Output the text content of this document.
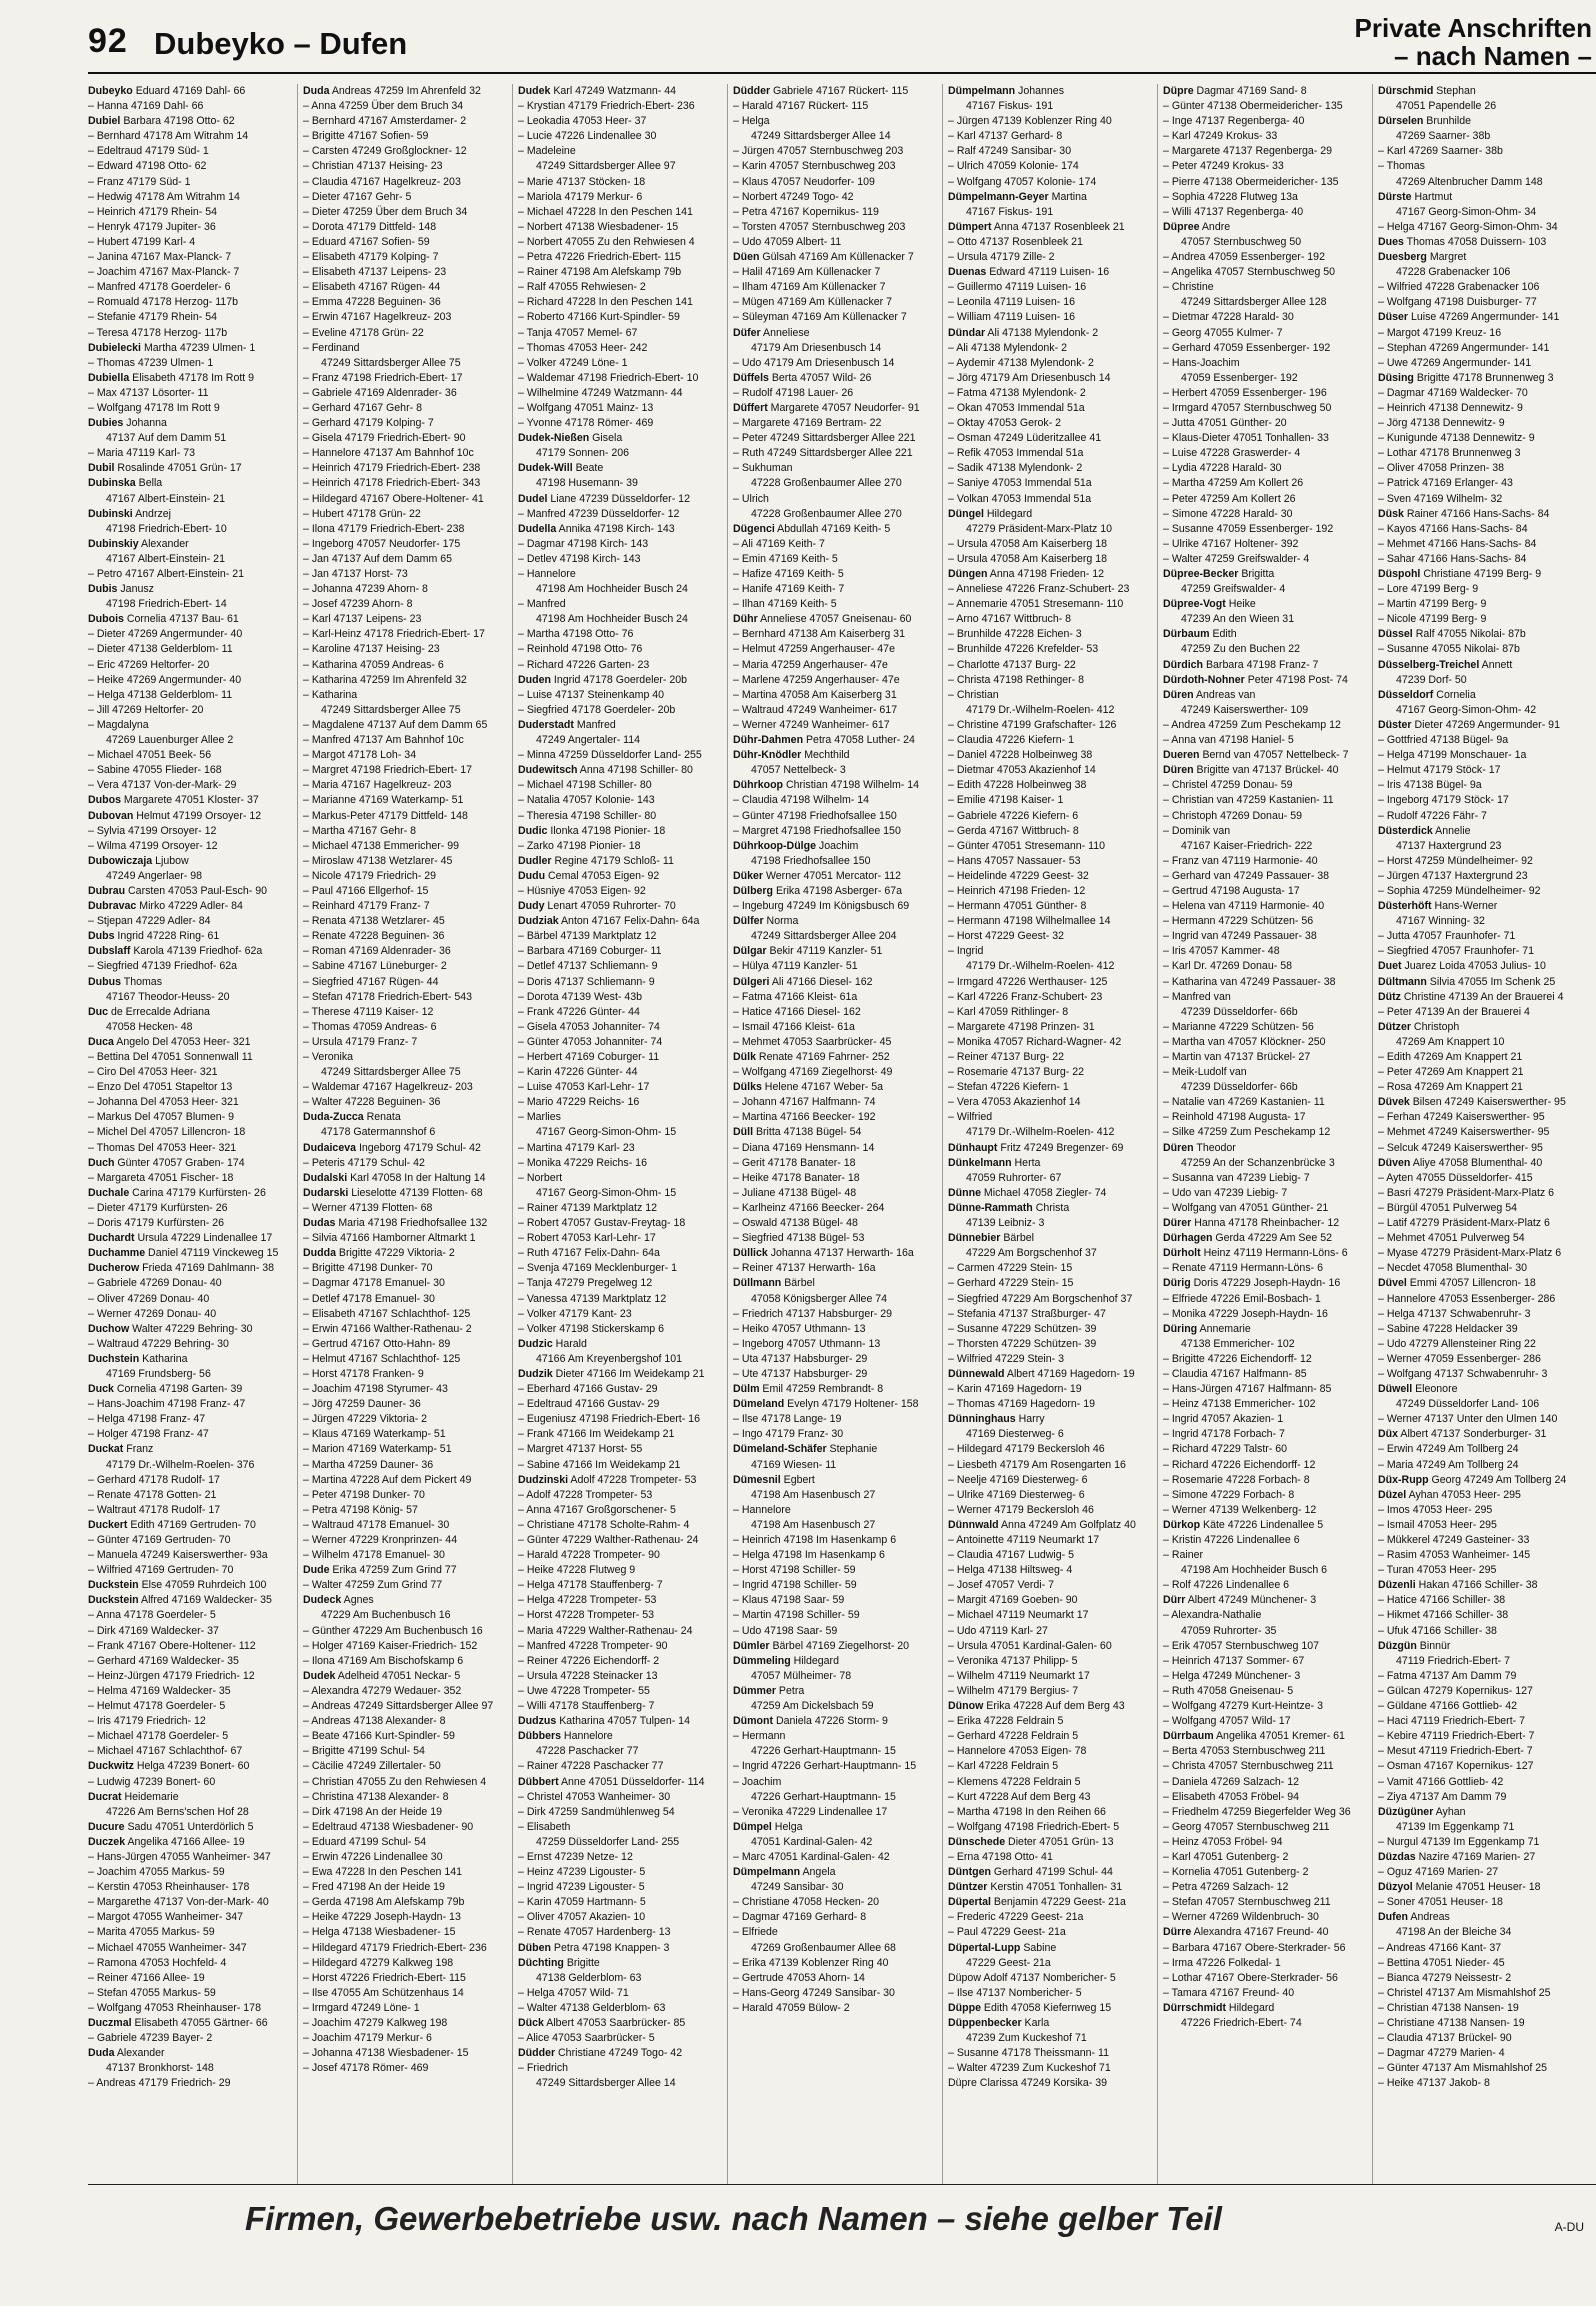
92 Dubeyko – Dufen	Private Anschriften
– nach Namen –
Dubeyko Eduard 47169 Dahl- 66
– Hanna 47169 Dahl- 66
Dubiel Barbara 47198 Otto- 62
– Bernhard 47178 Am Witrahm 14
– Edeltraud 47179 Süd- 1
– Edward 47198 Otto- 62
– Franz 47179 Süd- 1
– Hedwig 47178 Am Witrahm 14
– Heinrich 47179 Rhein- 54
– Henryk 47179 Jupiter- 36
– Hubert 47199 Karl- 4
– Janina 47167 Max-Planck- 7
– Joachim 47167 Max-Planck- 7
– Manfred 47178 Goerdeler- 6
– Romuald 47178 Herzog- 117b
– Stefanie 47179 Rhein- 54
– Teresa 47178 Herzog- 117b
Dubielecki Martha 47239 Ulmen- 1
– Thomas 47239 Ulmen- 1
Dubiella Elisabeth 47178 Im Rott 9
– Max 47137 Lösorter- 11
– Wolfgang 47178 Im Rott 9
Dubies Johanna
47137 Auf dem Damm 51
– Maria 47119 Karl- 73
Dubil Rosalinde 47051 Grün- 17
Dubinska Bella
47167 Albert-Einstein- 21
Dubinski Andrzej
47198 Friedrich-Ebert- 10
Dubinskiy Alexander
47167 Albert-Einstein- 21
– Petro 47167 Albert-Einstein- 21
Dubis Janusz
47198 Friedrich-Ebert- 14
Dubois Cornelia 47137 Bau- 61
– Dieter 47269 Angermunder- 40
– Dieter 47138 Gelderblom- 11
– Eric 47269 Heltorfer- 20
– Heike 47269 Angermunder- 40
– Helga 47138 Gelderblom- 11
– Jill 47269 Heltorfer- 20
– Magdalyna
47269 Lauenburger Allee 2
– Michael 47051 Beek- 56
– Sabine 47055 Flieder- 168
– Vera 47137 Von-der-Mark- 29
Dubos Margarete 47051 Kloster- 37
Dubovan Helmut 47199 Orsoyer- 12
– Sylvia 47199 Orsoyer- 12
– Wilma 47199 Orsoyer- 12
Dubowiczaja Ljubow
47249 Angerlaer- 98
Dubrau Carsten 47053 Paul-Esch- 90
Dubravac Mirko 47229 Adler- 84
– Stjepan 47229 Adler- 84
Dubs Ingrid 47228 Ring- 61
Dubslaff Karola 47139 Friedhof- 62a
– Siegfried 47139 Friedhof- 62a
Dubus Thomas
47167 Theodor-Heuss- 20
Duc de Errecalde Adriana
47058 Hecken- 48
Duca Angelo Del 47053 Heer- 321
– Bettina Del 47051 Sonnenwall 11
– Ciro Del 47053 Heer- 321
– Enzo Del 47051 Stapeltor 13
– Johanna Del 47053 Heer- 321
– Markus Del 47057 Blumen- 9
– Michel Del 47057 Lillencron- 18
– Thomas Del 47053 Heer- 321
Duch Günter 47057 Graben- 174
– Margareta 47051 Fischer- 18
Duchale Carina 47179 Kurfürsten- 26
– Dieter 47179 Kurfürsten- 26
– Doris 47179 Kurfürsten- 26
Duchardt Ursula 47229 Lindenallee 17
Duchamme Daniel 47119 Vinckeweg 15
Ducherow Frieda 47169 Dahlmann- 38
– Gabriele 47269 Donau- 40
– Oliver 47269 Donau- 40
– Werner 47269 Donau- 40
Duchow Walter 47229 Behring- 30
– Waltraud 47229 Behring- 30
Duchstein Katharina
47169 Frundsberg- 56
Duck Cornelia 47198 Garten- 39
– Hans-Joachim 47198 Franz- 47
– Helga 47198 Franz- 47
– Holger 47198 Franz- 47
Duckat Franz
47179 Dr.-Wilhelm-Roelen- 376
– Gerhard 47178 Rudolf- 17
– Renate 47178 Gotten- 21
– Waltraut 47178 Rudolf- 17
Duckert Edith 47169 Gertruden- 70
– Günter 47169 Gertruden- 70
– Manuela 47249 Kaiserswerther- 93a
– Wilfried 47169 Gertruden- 70
Duckstein Else 47059 Ruhrdeich 100
Duckstein Alfred 47169 Waldecker- 35
– Anna 47178 Goerdeler- 5
– Dirk 47169 Waldecker- 37
– Frank 47167 Obere-Holtener- 112
– Gerhard 47169 Waldecker- 35
– Heinz-Jürgen 47179 Friedrich- 12
– Helma 47169 Waldecker- 35
– Helmut 47178 Goerdeler- 5
– Iris 47179 Friedrich- 12
– Michael 47178 Goerdeler- 5
– Michael 47167 Schlachthof- 67
Duckwitz Helga 47239 Bonert- 60
– Ludwig 47239 Bonert- 60
Ducrat Heidemarie
47226 Am Berns'schen Hof 28
Ducure Sadu 47051 Unterdörlich 5
Duczek Angelika 47166 Allee- 19
– Hans-Jürgen 47055 Wanheimer- 347
– Joachim 47055 Markus- 59
– Kerstin 47053 Rheinhauser- 178
– Margarethe 47137 Von-der-Mark- 40
– Margot 47055 Wanheimer- 347
– Marita 47055 Markus- 59
– Michael 47055 Wanheimer- 347
– Ramona 47053 Hochfeld- 4
– Reiner 47166 Allee- 19
– Stefan 47055 Markus- 59
– Wolfgang 47053 Rheinhauser- 178
Duczmal Elisabeth 47055 Gärtner- 66
– Gabriele 47239 Bayer- 2
Duda Alexander
47137 Bronkhorst- 148
– Andreas 47179 Friedrich- 29
Duda Andreas 47259 Im Ahrenfeld 32
– Anna 47259 Über dem Bruch 34
– Bernhard 47167 Amsterdamer- 2
– Brigitte 47167 Sofien- 59
– Carsten 47249 Großglockner- 12
– Christian 47137 Heising- 23
– Claudia 47167 Hagelkreuz- 203
– Dieter 47167 Gehr- 5
– Dieter 47259 Über dem Bruch 34
– Dorota 47179 Dittfeld- 148
– Eduard 47167 Sofien- 59
– Elisabeth 47179 Kolping- 7
– Elisabeth 47137 Leipens- 23
– Elisabeth 47167 Rügen- 44
– Emma 47228 Beguinen- 36
– Erwin 47167 Hagelkreuz- 203
– Eveline 47178 Grün- 22
– Ferdinand
47249 Sittardsberger Allee 75
– Franz 47198 Friedrich-Ebert- 17
– Gabriele 47169 Aldenrader- 36
– Gerhard 47167 Gehr- 8
– Gerhard 47179 Kolping- 7
– Gisela 47179 Friedrich-Ebert- 90
– Hannelore 47137 Am Bahnhof 10c
– Heinrich 47179 Friedrich-Ebert- 238
– Heinrich 47178 Friedrich-Ebert- 343
– Hildegard 47167 Obere-Holtener- 41
– Hubert 47178 Grün- 22
– Ilona 47179 Friedrich-Ebert- 238
– Ingeborg 47057 Neudorfer- 175
– Jan 47137 Auf dem Damm 65
– Jan 47137 Horst- 73
– Johanna 47239 Ahorn- 8
– Josef 47239 Ahorn- 8
– Karl 47137 Leipens- 23
– Karl-Heinz 47178 Friedrich-Ebert- 17
– Karoline 47137 Heising- 23
– Katharina 47059 Andreas- 6
– Katharina 47259 Im Ahrenfeld 32
– Katharina
47249 Sittardsberger Allee 75
– Magdalene 47137 Auf dem Damm 65
– Manfred 47137 Am Bahnhof 10c
– Margot 47178 Loh- 34
– Margret 47198 Friedrich-Ebert- 17
– Maria 47167 Hagelkreuz- 203
– Marianne 47169 Waterkamp- 51
– Markus-Peter 47179 Dittfeld- 148
– Martha 47167 Gehr- 8
– Michael 47138 Emmericher- 99
– Miroslaw 47138 Wetzlarer- 45
– Nicole 47179 Friedrich- 29
– Paul 47166 Ellgerhof- 15
– Reinhard 47179 Franz- 7
– Renata 47138 Wetzlarer- 45
– Renate 47228 Beguinen- 36
– Roman 47169 Aldenrader- 36
– Sabine 47167 Lüneburger- 2
– Siegfried 47167 Rügen- 44
– Stefan 47178 Friedrich-Ebert- 543
– Therese 47119 Kaiser- 12
– Thomas 47059 Andreas- 6
– Ursula 47179 Franz- 7
– Veronika
47249 Sittardsberger Allee 75
– Waldemar 47167 Hagelkreuz- 203
– Walter 47228 Beguinen- 36
Duda-Zucca Renata
47178 Gatermannshof 6
Dudaiceva Ingeborg 47179 Schul- 42
– Peteris 47179 Schul- 42
Dudalski Karl 47058 In der Haltung 14
Dudarski Lieselotte 47139 Flotten- 68
– Werner 47139 Flotten- 68
Dudas Maria 47198 Friedhofsallee 132
– Silvia 47166 Hamborner Altmarkt 1
Dudda Brigitte 47229 Viktoria- 2
– Brigitte 47198 Dunker- 70
– Dagmar 47178 Emanuel- 30
– Detlef 47178 Emanuel- 30
– Elisabeth 47167 Schlachthof- 125
– Erwin 47166 Walther-Rathenau- 2
– Gertrud 47167 Otto-Hahn- 89
– Helmut 47167 Schlachthof- 125
– Horst 47178 Franken- 9
– Joachim 47198 Styrumer- 43
– Jörg 47259 Dauner- 36
– Jürgen 47229 Viktoria- 2
– Klaus 47169 Waterkamp- 51
– Marion 47169 Waterkamp- 51
– Martha 47259 Dauner- 36
– Martina 47228 Auf dem Pickert 49
– Peter 47198 Dunker- 70
– Petra 47198 König- 57
– Waltraud 47178 Emanuel- 30
– Werner 47229 Kronprinzen- 44
– Wilhelm 47178 Emanuel- 30
Dude Erika 47259 Zum Grind 77
– Walter 47259 Zum Grind 77
Dudeck Agnes
47229 Am Buchenbusch 16
– Günther 47229 Am Buchenbusch 16
– Holger 47169 Kaiser-Friedrich- 152
– Ilona 47169 Am Bischofskamp 6
Dudek Adelheid 47051 Neckar- 5
– Alexandra 47279 Wedauer- 352
– Andreas 47249 Sittardsberger Allee 97
– Andreas 47138 Alexander- 8
– Beate 47166 Kurt-Spindler- 59
– Brigitte 47199 Schul- 54
– Cäcilie 47249 Zillertaler- 50
– Christian 47055 Zu den Rehwiesen 4
– Christina 47138 Alexander- 8
– Dirk 47198 An der Heide 19
– Edeltraud 47138 Wiesbadener- 90
– Eduard 47199 Schul- 54
– Erwin 47226 Lindenallee 30
– Ewa 47228 In den Peschen 141
– Fred 47198 An der Heide 19
– Gerda 47198 Am Alefskamp 79b
– Heike 47229 Joseph-Haydn- 13
– Helga 47138 Wiesbadener- 15
– Hildegard 47179 Friedrich-Ebert- 236
– Hildegard 47279 Kalkweg 198
– Horst 47226 Friedrich-Ebert- 115
– Ilse 47055 Am Schützenhaus 14
– Irmgard 47249 Löne- 1
– Joachim 47279 Kalkweg 198
– Joachim 47179 Merkur- 6
– Johanna 47138 Wiesbadener- 15
– Josef 47178 Römer- 469
Dudek Karl 47249 Watzmann- 44
– Krystian 47179 Friedrich-Ebert- 236
– Leokadia 47053 Heer- 37
– Lucie 47226 Lindenallee 30
– Madeleine
47249 Sittardsberger Allee 97
– Marie 47137 Stöcken- 18
– Mariola 47179 Merkur- 6
– Michael 47228 In den Peschen 141
– Norbert 47138 Wiesbadener- 15
– Norbert 47055 Zu den Rehwiesen 4
– Petra 47226 Friedrich-Ebert- 115
– Rainer 47198 Am Alefskamp 79b
– Ralf 47055 Rehwiesen- 2
– Richard 47228 In den Peschen 141
– Roberto 47166 Kurt-Spindler- 59
– Tanja 47057 Memel- 67
– Thomas 47053 Heer- 242
– Volker 47249 Löne- 1
– Waldemar 47198 Friedrich-Ebert- 10
– Wilhelmine 47249 Watzmann- 44
– Wolfgang 47051 Mainz- 13
– Yvonne 47178 Römer- 469
Dudek-Nießen Gisela
47179 Sonnen- 206
Dudek-Will Beate
47198 Husemann- 39
Dudel Liane 47239 Düsseldorfer- 12
– Manfred 47239 Düsseldorfer- 12
Dudella Annika 47198 Kirch- 143
– Dagmar 47198 Kirch- 143
– Detlev 47198 Kirch- 143
– Hannelore
47198 Am Hochheider Busch 24
– Manfred
47198 Am Hochheider Busch 24
– Martha 47198 Otto- 76
– Reinhold 47198 Otto- 76
– Richard 47226 Garten- 23
Duden Ingrid 47178 Goerdeler- 20b
– Luise 47137 Steinenkamp 40
– Siegfried 47178 Goerdeler- 20b
Duderstadt Manfred
47249 Angertaler- 114
– Minna 47259 Düsseldorfer Land- 255
Dudewitsch Anna 47198 Schiller- 80
– Michael 47198 Schiller- 80
– Natalia 47057 Kolonie- 143
– Theresia 47198 Schiller- 80
Dudic Ilonka 47198 Pionier- 18
– Zarko 47198 Pionier- 18
Dudler Regine 47179 Schloß- 11
Dudu Cemal 47053 Eigen- 92
– Hüsniye 47053 Eigen- 92
Dudy Lenart 47059 Ruhrorter- 70
Dudziak Anton 47167 Felix-Dahn- 64a
– Bärbel 47139 Marktplatz 12
– Barbara 47169 Coburger- 11
– Detlef 47137 Schliemann- 9
– Doris 47137 Schliemann- 9
– Dorota 47139 West- 43b
– Frank 47226 Günter- 44
– Gisela 47053 Johanniter- 74
– Günter 47053 Johanniter- 74
– Herbert 47169 Coburger- 11
– Karin 47226 Günter- 44
– Luise 47053 Karl-Lehr- 17
– Mario 47229 Reichs- 16
– Marlies
47167 Georg-Simon-Ohm- 15
– Martina 47179 Karl- 23
– Monika 47229 Reichs- 16
– Norbert
47167 Georg-Simon-Ohm- 15
– Rainer 47139 Marktplatz 12
– Robert 47057 Gustav-Freytag- 18
– Robert 47053 Karl-Lehr- 17
– Ruth 47167 Felix-Dahn- 64a
– Svenja 47169 Mecklenburger- 1
– Tanja 47279 Pregelweg 12
– Vanessa 47139 Marktplatz 12
– Volker 47179 Kant- 23
– Volker 47198 Stickerskamp 6
Dudzic Harald
47166 Am Kreyenbergshof 101
Dudzik Dieter 47166 Im Weidekamp 21
– Eberhard 47166 Gustav- 29
– Edeltraud 47166 Gustav- 29
– Eugeniusz 47198 Friedrich-Ebert- 16
– Frank 47166 Im Weidekamp 21
– Margret 47137 Horst- 55
– Sabine 47166 Im Weidekamp 21
Dudzinski Adolf 47228 Trompeter- 53
– Adolf 47228 Trompeter- 53
– Anna 47167 Großgorschener- 5
– Christiane 47178 Scholte-Rahm- 4
– Günter 47229 Walther-Rathenau- 24
– Harald 47228 Trompeter- 90
– Heike 47228 Flutweg 9
– Helga 47178 Stauffenberg- 7
– Helga 47228 Trompeter- 53
– Horst 47228 Trompeter- 53
– Maria 47229 Walther-Rathenau- 24
– Manfred 47228 Trompeter- 90
– Reiner 47226 Eichendorff- 2
– Ursula 47228 Steinacker 13
– Uwe 47228 Trompeter- 55
– Willi 47178 Stauffenberg- 7
Dudzus Katharina 47057 Tulpen- 14
Dübbers Hannelore
47228 Paschacker 77
– Rainer 47228 Paschacker 77
Dübbert Anne 47051 Düsseldorfer- 114
– Christel 47053 Wanheimer- 30
– Dirk 47259 Sandmühlenweg 54
– Elisabeth
47259 Düsseldorfer Land- 255
– Ernst 47239 Netze- 12
– Heinz 47239 Ligouster- 5
– Ingrid 47239 Ligouster- 5
– Karin 47059 Hartmann- 5
– Oliver 47057 Akazien- 10
– Renate 47057 Hardenberg- 13
Düben Petra 47198 Knappen- 3
Düchting Brigitte
47138 Gelderblom- 63
– Helga 47057 Wild- 71
– Walter 47138 Gelderblom- 63
Dück Albert 47053 Saarbrücker- 85
– Alice 47053 Saarbrücker- 5
Düdder Christiane 47249 Togo- 42
– Friedrich
47249 Sittardsberger Allee 14
Düdder Gabriele 47167 Rückert- 115
– Harald 47167 Rückert- 115
– Helga
47249 Sittardsberger Allee 14
– Jürgen 47057 Sternbuschweg 203
– Karin 47057 Sternbuschweg 203
– Klaus 47057 Neudorfer- 109
– Norbert 47249 Togo- 42
– Petra 47167 Kopernikus- 119
– Torsten 47057 Sternbuschweg 203
– Udo 47059 Albert- 11
Düen Gülsah 47169 Am Küllenacker 7
– Halil 47169 Am Küllenacker 7
– Ilham 47169 Am Küllenacker 7
– Mügen 47169 Am Küllenacker 7
– Süleyman 47169 Am Küllenacker 7
Düfer Anneliese
47179 Am Driesenbusch 14
– Udo 47179 Am Driesenbusch 14
Düffels Berta 47057 Wild- 26
– Rudolf 47198 Lauer- 26
Düffert Margarete 47057 Neudorfer- 91
– Margarete 47169 Bertram- 22
– Peter 47249 Sittardsberger Allee 221
– Ruth 47249 Sittardsberger Allee 221
– Sukhuman
47228 Großenbaumer Allee 270
– Ulrich
47228 Großenbaumer Allee 270
Dügenci Abdullah 47169 Keith- 5
– Ali 47169 Keith- 7
– Emin 47169 Keith- 5
– Hafize 47169 Keith- 5
– Hanife 47169 Keith- 7
– Ilhan 47169 Keith- 5
Dühr Anneliese 47057 Gneisenau- 60
– Bernhard 47138 Am Kaiserberg 31
– Helmut 47259 Angerhauser- 47e
– Maria 47259 Angerhauser- 47e
– Marlene 47259 Angerhauser- 47e
– Martina 47058 Am Kaiserberg 31
– Waltraud 47249 Wanheimer- 617
– Werner 47249 Wanheimer- 617
Dühr-Dahmen Petra 47058 Luther- 24
Dühr-Knödler Mechthild
47057 Nettelbeck- 3
Dührkoop Christian 47198 Wilhelm- 14
– Claudia 47198 Wilhelm- 14
– Günter 47198 Friedhofsallee 150
– Margret 47198 Friedhofsallee 150
Dührkoop-Dülge Joachim
47198 Friedhofsallee 150
Düker Werner 47051 Mercator- 112
Dülberg Erika 47198 Asberger- 67a
– Ingeburg 47249 Im Königsbusch 69
Dülfer Norma
47249 Sittardsberger Allee 204
Dülgar Bekir 47119 Kanzler- 51
– Hülya 47119 Kanzler- 51
Dülgeri Ali 47166 Diesel- 162
– Fatma 47166 Kleist- 61a
– Hatice 47166 Diesel- 162
– Ismail 47166 Kleist- 61a
– Mehmet 47053 Saarbrücker- 45
Dülk Renate 47169 Fahrner- 252
– Wolfgang 47169 Ziegelhorst- 49
Dülks Helene 47167 Weber- 5a
– Johann 47167 Halfmann- 74
– Martina 47166 Beecker- 192
Düll Britta 47138 Bügel- 54
– Diana 47169 Hensmann- 14
– Gerit 47178 Banater- 18
– Heike 47178 Banater- 18
– Juliane 47138 Bügel- 48
– Karlheinz 47166 Beecker- 264
– Oswald 47138 Bügel- 48
– Siegfried 47138 Bügel- 53
Düllick Johanna 47137 Herwarth- 16a
– Reiner 47137 Herwarth- 16a
Düllmann Bärbel
47058 Königsberger Allee 74
– Friedrich 47137 Habsburger- 29
– Heiko 47057 Uthmann- 13
– Ingeborg 47057 Uthmann- 13
– Uta 47137 Habsburger- 29
– Ute 47137 Habsburger- 29
Dülm Emil 47259 Rembrandt- 8
Dümeland Evelyn 47179 Holtener- 158
– Ilse 47178 Lange- 19
– Ingo 47179 Franz- 30
Dümeland-Schäfer Stephanie
47169 Wiesen- 11
Dümesnil Egbert
47198 Am Hasenbusch 27
– Hannelore
47198 Am Hasenbusch 27
– Heinrich 47198 Im Hasenkamp 6
– Helga 47198 Im Hasenkamp 6
– Horst 47198 Schiller- 59
– Ingrid 47198 Schiller- 59
– Klaus 47198 Saar- 59
– Martin 47198 Schiller- 59
– Udo 47198 Saar- 59
Dümler Bärbel 47169 Ziegelhorst- 20
Dümmeling Hildegard
47057 Mülheimer- 78
Dümmer Petra
47259 Am Dickelsbach 59
Dümont Daniela 47226 Storm- 9
– Hermann
47226 Gerhart-Hauptmann- 15
– Ingrid 47226 Gerhart-Hauptmann- 15
– Joachim
47226 Gerhart-Hauptmann- 15
– Veronika 47229 Lindenallee 17
Dümpel Helga
47051 Kardinal-Galen- 42
– Marc 47051 Kardinal-Galen- 42
Dümpelmann Angela
47249 Sansibar- 30
– Christiane 47058 Hecken- 20
– Dagmar 47169 Gerhard- 8
– Elfriede
47269 Großenbaumer Allee 68
– Erika 47139 Koblenzer Ring 40
– Gertrude 47053 Ahorn- 14
– Hans-Georg 47249 Sansibar- 30
– Harald 47059 Bülow- 2
Dümpelmann Johannes
47167 Fiskus- 191
– Jürgen 47139 Koblenzer Ring 40
– Karl 47137 Gerhard- 8
– Ralf 47249 Sansibar- 30
– Ulrich 47059 Kolonie- 174
– Wolfgang 47057 Kolonie- 174
Dümpelmann-Geyer Martina
47167 Fiskus- 191
Dümpert Anna 47137 Rosenbleek 21
– Otto 47137 Rosenbleek 21
– Ursula 47179 Zille- 2
Duenas Edward 47119 Luisen- 16
– Guillermo 47119 Luisen- 16
– Leonila 47119 Luisen- 16
– William 47119 Luisen- 16
Dündar Ali 47138 Mylendonk- 2
– Ali 47138 Mylendonk- 2
– Aydemir 47138 Mylendonk- 2
– Jörg 47179 Am Driesenbusch 14
– Fatma 47138 Mylendonk- 2
– Okan 47053 Immendal 51a
– Oktay 47053 Gerok- 2
– Osman 47249 Lüderitzallee 41
– Refik 47053 Immendal 51a
– Sadik 47138 Mylendonk- 2
– Saniye 47053 Immendal 51a
– Volkan 47053 Immendal 51a
Düngel Hildegard
47279 Präsident-Marx-Platz 10
– Ursula 47058 Am Kaiserberg 18
– Ursula 47058 Am Kaiserberg 18
Düngen Anna 47198 Frieden- 12
– Anneliese 47226 Franz-Schubert- 23
– Annemarie 47051 Stresemann- 110
– Arno 47167 Wittbruch- 8
– Brunhilde 47228 Eichen- 3
– Brunhilde 47226 Krefelder- 53
– Charlotte 47137 Burg- 22
– Christa 47198 Rethinger- 8
– Christian
47179 Dr.-Wilhelm-Roelen- 412
– Christine 47199 Grafschafter- 126
– Claudia 47226 Kiefern- 1
– Daniel 47228 Holbeinweg 38
– Dietmar 47053 Akazienhof 14
– Edith 47228 Holbeinweg 38
– Emilie 47198 Kaiser- 1
– Gabriele 47226 Kiefern- 6
– Gerda 47167 Wittbruch- 8
– Günter 47051 Stresemann- 110
– Hans 47057 Nassauer- 53
– Heidelinde 47229 Geest- 32
– Heinrich 47198 Frieden- 12
– Hermann 47051 Günther- 8
– Hermann 47198 Wilhelmallee 14
– Horst 47229 Geest- 32
– Ingrid
47179 Dr.-Wilhelm-Roelen- 412
– Irmgard 47226 Werthauser- 125
– Karl 47226 Franz-Schubert- 23
– Karl 47059 Rithlinger- 8
– Margarete 47198 Prinzen- 31
– Monika 47057 Richard-Wagner- 42
– Reiner 47137 Burg- 22
– Rosemarie 47137 Burg- 22
– Stefan 47226 Kiefern- 1
– Vera 47053 Akazienhof 14
– Wilfried
47179 Dr.-Wilhelm-Roelen- 412
Dünhaupt Fritz 47249 Bregenzer- 69
Dünkelmann Herta
47059 Ruhrorter- 67
Dünne Michael 47058 Ziegler- 74
Dünne-Rammath Christa
47139 Leibniz- 3
Dünnebier Bärbel
47229 Am Borgschenhof 37
– Carmen 47229 Stein- 15
– Gerhard 47229 Stein- 15
– Siegfried 47229 Am Borgschenhof 37
– Stefania 47137 Straßburger- 47
– Susanne 47229 Schützen- 39
– Thorsten 47229 Schützen- 39
– Wilfried 47229 Stein- 3
Dünnewald Albert 47169 Hagedorn- 19
– Karin 47169 Hagedorn- 19
– Thomas 47169 Hagedorn- 19
Dünninghaus Harry
47169 Diesterweg- 6
– Hildegard 47179 Beckersloh 46
– Liesbeth 47179 Am Rosengarten 16
– Neelje 47169 Diesterweg- 6
– Ulrike 47169 Diesterweg- 6
– Werner 47179 Beckersloh 46
Dünnwald Anna 47249 Am Golfplatz 40
– Antoinette 47119 Neumarkt 17
– Claudia 47167 Ludwig- 5
– Helga 47138 Hiltsweg- 4
– Josef 47057 Verdi- 7
– Margit 47169 Goeben- 90
– Michael 47119 Neumarkt 17
– Udo 47119 Karl- 27
– Ursula 47051 Kardinal-Galen- 60
– Veronika 47137 Philipp- 5
– Wilhelm 47119 Neumarkt 17
– Wilhelm 47179 Bergius- 7
Dünow Erika 47228 Auf dem Berg 43
– Erika 47228 Feldrain 5
– Gerhard 47228 Feldrain 5
– Hannelore 47053 Eigen- 78
– Karl 47228 Feldrain 5
– Klemens 47228 Feldrain 5
– Kurt 47228 Auf dem Berg 43
– Martha 47198 In den Reihen 66
– Wolfgang 47198 Friedrich-Ebert- 5
Dünschede Dieter 47051 Grün- 13
– Erna 47198 Otto- 41
Düntgen Gerhard 47199 Schul- 44
Düntzer Kerstin 47051 Tonhallen- 31
Düpertal Benjamin 47229 Geest- 21a
– Frederic 47229 Geest- 21a
– Paul 47229 Geest- 21a
Düpertal-Lupp Sabine
47229 Geest- 21a
Düpow Adolf 47137 Nombericher- 5
– Ilse 47137 Nombericher- 5
Düppe Edith 47058 Kiefernweg 15
Düppenbecker Karla
47239 Zum Kuckeshof 71
– Susanne 47178 Theissmann- 11
– Walter 47239 Zum Kuckeshof 71
Düpre Clarissa 47249 Korsika- 39
Düpre Dagmar 47169 Sand- 8
– Günter 47138 Obermeidericher- 135
– Inge 47137 Regenberga- 40
– Karl 47249 Krokus- 33
– Margarete 47137 Regenberga- 29
– Peter 47249 Krokus- 33
– Pierre 47138 Obermeidericher- 135
– Sophia 47228 Flutweg 13a
– Willi 47137 Regenberga- 40
Düpree Andre
47057 Sternbuschweg 50
– Andrea 47059 Essenberger- 192
– Angelika 47057 Sternbuschweg 50
– Christine
47249 Sittardsberger Allee 128
– Dietmar 47228 Harald- 30
– Georg 47055 Kulmer- 7
– Gerhard 47059 Essenberger- 192
– Hans-Joachim
47059 Essenberger- 192
– Herbert 47059 Essenberger- 196
– Irmgard 47057 Sternbuschweg 50
– Jutta 47051 Günther- 20
– Klaus-Dieter 47051 Tonhallen- 33
– Luise 47228 Graswerder- 4
– Lydia 47228 Harald- 30
– Martha 47259 Am Kollert 26
– Peter 47259 Am Kollert 26
– Simone 47228 Harald- 30
– Susanne 47059 Essenberger- 192
– Ulrike 47167 Holtener- 392
– Walter 47259 Greifswalder- 4
Düpree-Becker Brigitta
47259 Greifswalder- 4
Düpree-Vogt Heike
47239 An den Wieen 31
Dürbaum Edith
47259 Zu den Buchen 22
Dürdich Barbara 47198 Franz- 7
Dürdoth-Nohner Peter 47198 Post- 74
Düren Andreas van
47249 Kaiserswerther- 109
– Andrea 47259 Zum Peschekamp 12
– Anna van 47198 Haniel- 5
Dueren Bernd van 47057 Nettelbeck- 7
Düren Brigitte van 47137 Brückel- 40
– Christel 47259 Donau- 59
– Christian van 47259 Kastanien- 11
– Christoph 47269 Donau- 59
– Dominik van
47167 Kaiser-Friedrich- 222
– Franz van 47119 Harmonie- 40
– Gerhard van 47249 Passauer- 38
– Gertrud 47198 Augusta- 17
– Helena van 47119 Harmonie- 40
– Hermann 47229 Schützen- 56
– Ingrid van 47249 Passauer- 38
– Iris 47057 Kammer- 48
– Karl Dr. 47269 Donau- 58
– Katharina van 47249 Passauer- 38
– Manfred van
47239 Düsseldorfer- 66b
– Marianne 47229 Schützen- 56
– Martha van 47057 Klöckner- 250
– Martin van 47137 Brückel- 27
– Meik-Ludolf van
47239 Düsseldorfer- 66b
– Natalie van 47269 Kastanien- 11
– Reinhold 47198 Augusta- 17
– Silke 47259 Zum Peschekamp 12
Düren Theodor
47259 An der Schanzenbrücke 3
– Susanna van 47239 Liebig- 7
– Udo van 47239 Liebig- 7
– Wolfgang van 47051 Günther- 21
Dürer Hanna 47178 Rheinbacher- 12
Dürhagen Gerda 47229 Am See 52
Dürholt Heinz 47119 Hermann-Löns- 6
– Renate 47119 Hermann-Löns- 6
Dürig Doris 47229 Joseph-Haydn- 16
– Elfriede 47226 Emil-Bosbach- 1
– Monika 47229 Joseph-Haydn- 16
Düring Annemarie
47138 Emmericher- 102
– Brigitte 47226 Eichendorff- 12
– Claudia 47167 Halfmann- 85
– Hans-Jürgen 47167 Halfmann- 85
– Heinz 47138 Emmericher- 102
– Ingrid 47057 Akazien- 1
– Ingrid 47178 Forbach- 7
– Richard 47229 Talstr- 60
– Richard 47226 Eichendorff- 12
– Rosemarie 47228 Forbach- 8
– Simone 47229 Forbach- 8
– Werner 47139 Welkenberg- 12
Dürkop Käte 47226 Lindenallee 5
– Kristin 47226 Lindenallee 6
– Rainer
47198 Am Hochheider Busch 6
– Rolf 47226 Lindenallee 6
Dürr Albert 47249 Münchener- 3
– Alexandra-Nathalie
47059 Ruhrorter- 35
– Erik 47057 Sternbuschweg 107
– Heinrich 47137 Sommer- 67
– Helga 47249 Münchener- 3
– Ruth 47058 Gneisenau- 5
– Wolfgang 47279 Kurt-Heintze- 3
– Wolfgang 47057 Wild- 17
Dürrbaum Angelika 47051 Kremer- 61
– Berta 47053 Sternbuschweg 211
– Christa 47057 Sternbuschweg 211
– Daniela 47269 Salzach- 12
– Elisabeth 47053 Fröbel- 94
– Friedhelm 47259 Biegerfelder Weg 36
– Georg 47057 Sternbuschweg 211
– Heinz 47053 Fröbel- 94
– Karl 47051 Gutenberg- 2
– Kornelia 47051 Gutenberg- 2
– Petra 47269 Salzach- 12
– Stefan 47057 Sternbuschweg 211
– Werner 47269 Wildenbruch- 30
Dürre Alexandra 47167 Freund- 40
– Barbara 47167 Obere-Sterkrader- 56
– Irma 47226 Folkedal- 1
– Lothar 47167 Obere-Sterkrader- 56
– Tamara 47167 Freund- 40
Dürrschmidt Hildegard
47226 Friedrich-Ebert- 74
Dürschmid Stephan
47051 Papendelle 26
Dürselen Brunhilde
47269 Saarner- 38b
– Karl 47269 Saarner- 38b
– Thomas
47269 Altenbrucher Damm 148
Dürste Hartmut
47167 Georg-Simon-Ohm- 34
– Helga 47167 Georg-Simon-Ohm- 34
Dues Thomas 47058 Duissern- 103
Duesberg Margret
47228 Grabenacker 106
– Wilfried 47228 Grabenacker 106
– Wolfgang 47198 Duisburger- 77
Düser Luise 47269 Angermunder- 141
– Margot 47199 Kreuz- 16
– Stephan 47269 Angermunder- 141
– Uwe 47269 Angermunder- 141
Düsing Brigitte 47178 Brunnenweg 3
– Dagmar 47169 Waldecker- 70
– Heinrich 47138 Dennewitz- 9
– Jörg 47138 Dennewitz- 9
– Kunigunde 47138 Dennewitz- 9
– Lothar 47178 Brunnenweg 3
– Oliver 47058 Prinzen- 38
– Patrick 47169 Erlanger- 43
– Sven 47169 Wilhelm- 32
Düsk Rainer 47166 Hans-Sachs- 84
– Kayos 47166 Hans-Sachs- 84
– Mehmet 47166 Hans-Sachs- 84
– Sahar 47166 Hans-Sachs- 84
Düspohl Christiane 47199 Berg- 9
– Lore 47199 Berg- 9
– Martin 47199 Berg- 9
– Nicole 47199 Berg- 9
Düssel Ralf 47055 Nikolai- 87b
– Susanne 47055 Nikolai- 87b
Düsselberg-Treichel Annett
47239 Dorf- 50
Düsseldorf Cornelia
47167 Georg-Simon-Ohm- 42
Düster Dieter 47269 Angermunder- 91
– Gottfried 47138 Bügel- 9a
– Helga 47199 Monschauer- 1a
– Helmut 47179 Stöck- 17
– Iris 47138 Bügel- 9a
– Ingeborg 47179 Stöck- 17
– Rudolf 47226 Fähr- 7
Düsterdick Annelie
47137 Haxtergrund 23
– Horst 47259 Mündelheimer- 92
– Jürgen 47137 Haxtergrund 23
– Sophia 47259 Mündelheimer- 92
Düsterhöft Hans-Werner
47167 Winning- 32
– Jutta 47057 Fraunhofer- 71
– Siegfried 47057 Fraunhofer- 71
Duet Juarez Loida 47053 Julius- 10
Dültmann Silvia 47055 Im Schenk 25
Dütz Christine 47139 An der Brauerei 4
– Peter 47139 An der Brauerei 4
Dützer Christoph
47269 Am Knappert 10
– Edith 47269 Am Knappert 21
– Peter 47269 Am Knappert 21
– Rosa 47269 Am Knappert 21
Düvek Bilsen 47249 Kaiserswerther- 95
– Ferhan 47249 Kaiserswerther- 95
– Mehmet 47249 Kaiserswerther- 95
– Selcuk 47249 Kaiserswerther- 95
Düven Aliye 47058 Blumenthal- 40
– Ayten 47055 Düsseldorfer- 415
– Basri 47279 Präsident-Marx-Platz 6
– Bürgül 47051 Pulverweg 54
– Latif 47279 Präsident-Marx-Platz 6
– Mehmet 47051 Pulverweg 54
– Myase 47279 Präsident-Marx-Platz 6
– Necdet 47058 Blumenthal- 30
Düvel Emmi 47057 Lillencron- 18
– Hannelore 47053 Essenberger- 286
– Helga 47137 Schwabenruhr- 3
– Sabine 47228 Heldacker 39
– Udo 47279 Allensteiner Ring 22
– Werner 47059 Essenberger- 286
– Wolfgang 47137 Schwabenruhr- 3
Düwell Eleonore
47249 Düsseldorfer Land- 106
– Werner 47137 Unter den Ulmen 140
Düx Albert 47137 Sonderburger- 31
– Erwin 47249 Am Tollberg 24
– Maria 47249 Am Tollberg 24
Düx-Rupp Georg 47249 Am Tollberg 24
Düzel Ayhan 47053 Heer- 295
– Imos 47053 Heer- 295
– Ismail 47053 Heer- 295
– Mükkerel 47249 Gasteiner- 33
– Rasim 47053 Wanheimer- 145
– Turan 47053 Heer- 295
Düzenli Hakan 47166 Schiller- 38
– Hatice 47166 Schiller- 38
– Hikmet 47166 Schiller- 38
– Ufuk 47166 Schiller- 38
Düzgün Binnür
47119 Friedrich-Ebert- 7
– Fatma 47137 Am Damm 79
– Gülcan 47279 Kopernikus- 127
– Güldane 47166 Gottlieb- 42
– Haci 47119 Friedrich-Ebert- 7
– Kebire 47119 Friedrich-Ebert- 7
– Mesut 47119 Friedrich-Ebert- 7
– Osman 47167 Kopernikus- 127
– Vamit 47166 Gottlieb- 42
– Ziya 47137 Am Damm 79
Düzügüner Ayhan
47139 Im Eggenkamp 71
– Nurgul 47139 Im Eggenkamp 71
Düzdas Nazire 47169 Marien- 27
– Oguz 47169 Marien- 27
Düzyol Melanie 47051 Heuser- 18
– Soner 47051 Heuser- 18
Dufen Andreas
47198 An der Bleiche 34
– Andreas 47166 Kant- 37
– Bettina 47051 Nieder- 45
– Bianca 47279 Neissestr- 2
– Christel 47137 Am Mismahlshof 25
– Christian 47138 Nansen- 19
– Christiane 47138 Nansen- 19
– Claudia 47137 Brückel- 90
– Dagmar 47279 Marien- 4
– Günter 47137 Am Mismahlshof 25
– Heike 47137 Jakob- 8
Firmen, Gewerbebetriebe usw. nach Namen – siehe gelber Teil	A-DU
